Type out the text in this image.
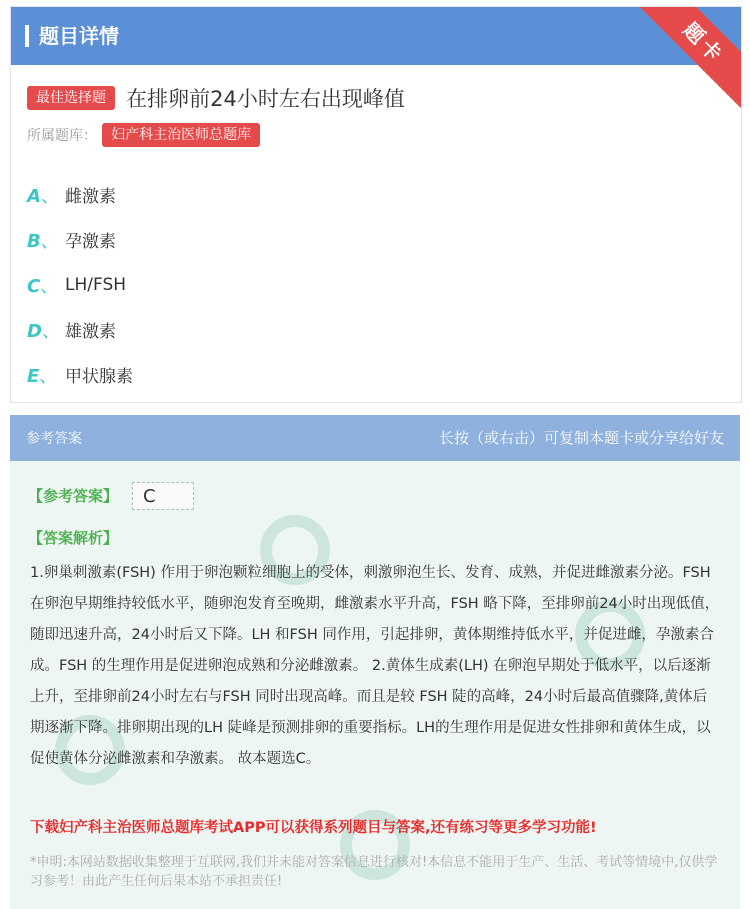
题目详情	题卡
最佳选择题 在排卵前24小时左右出现峰值
所属题库： 妇产科主治医师总题库
A、 雌激素
B、 孕激素
C、 LH/FSH
D、 雄激素
E、 甲状腺素
参考答案	长按（或右击）可复制本题卡或分享给好友
【参考答案】	C
【答案解析】
1.卵巢刺激素(FSH) 作用于卵泡颗粒细胞上的受体，刺激卵泡生长、发育、成熟，并促进雌激素分泌。FSH 在卵泡早期维持较低水平，随卵泡发育至晚期，雌激素水平升高，FSH 略下降，至排卵前24小时出现低值，随即迅速升高，24小时后又下降。LH 和FSH 同作用，引起排卵，黄体期维持低水平，并促进雌，孕激素合成。FSH 的生理作用是促进卵泡成熟和分泌雌激素。 2.黄体生成素(LH) 在卵泡早期处于低水平，以后逐渐上升，至排卵前24小时左右与FSH 同时出现高峰。而且是较 FSH 陡的高峰，24小时后最高值骤降,黄体后期逐渐下降。排卵期出现的LH 陡峰是预测排卵的重要指标。LH的生理作用是促进女性排卵和黄体生成，以促使黄体分泌雌激素和孕激素。 故本题选C。
下载妇产科主治医师总题库考试APP可以获得系列题目与答案,还有练习等更多学习功能!
*申明:本网站数据收集整理于互联网,我们并未能对答案信息进行核对!本信息不能用于生产、生活、考试等情境中,仅供学习参考！由此产生任何后果本站不承担责任!
